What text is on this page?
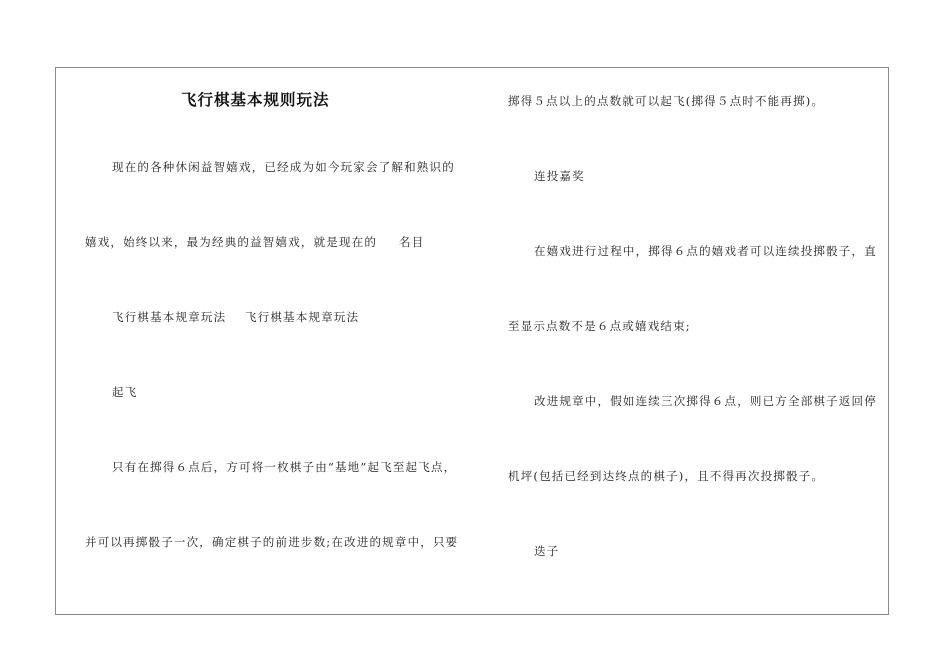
飞行棋基本规则玩法
现在的各种休闲益智嬉戏，已经成为如今玩家会了解和熟识的
嬉戏，始终以来，最为经典的益智嬉戏，就是现在的 名目
飞行棋基本规章玩法 飞行棋基本规章玩法
起飞
只有在掷得６点后，方可将一枚棋子由“基地”起飞至起飞点，
并可以再掷骰子一次，确定棋子的前进步数;在改进的规章中，只要
掷得５点以上的点数就可以起飞(掷得５点时不能再掷)。
连投嘉奖
在嬉戏进行过程中，掷得６点的嬉戏者可以连续投掷骰子，直
至显示点数不是６点或嬉戏结束;
改进规章中，假如连续三次掷得６点，则已方全部棋子返回停
机坪(包括已经到达终点的棋子)，且不得再次投掷骰子。
迭子
